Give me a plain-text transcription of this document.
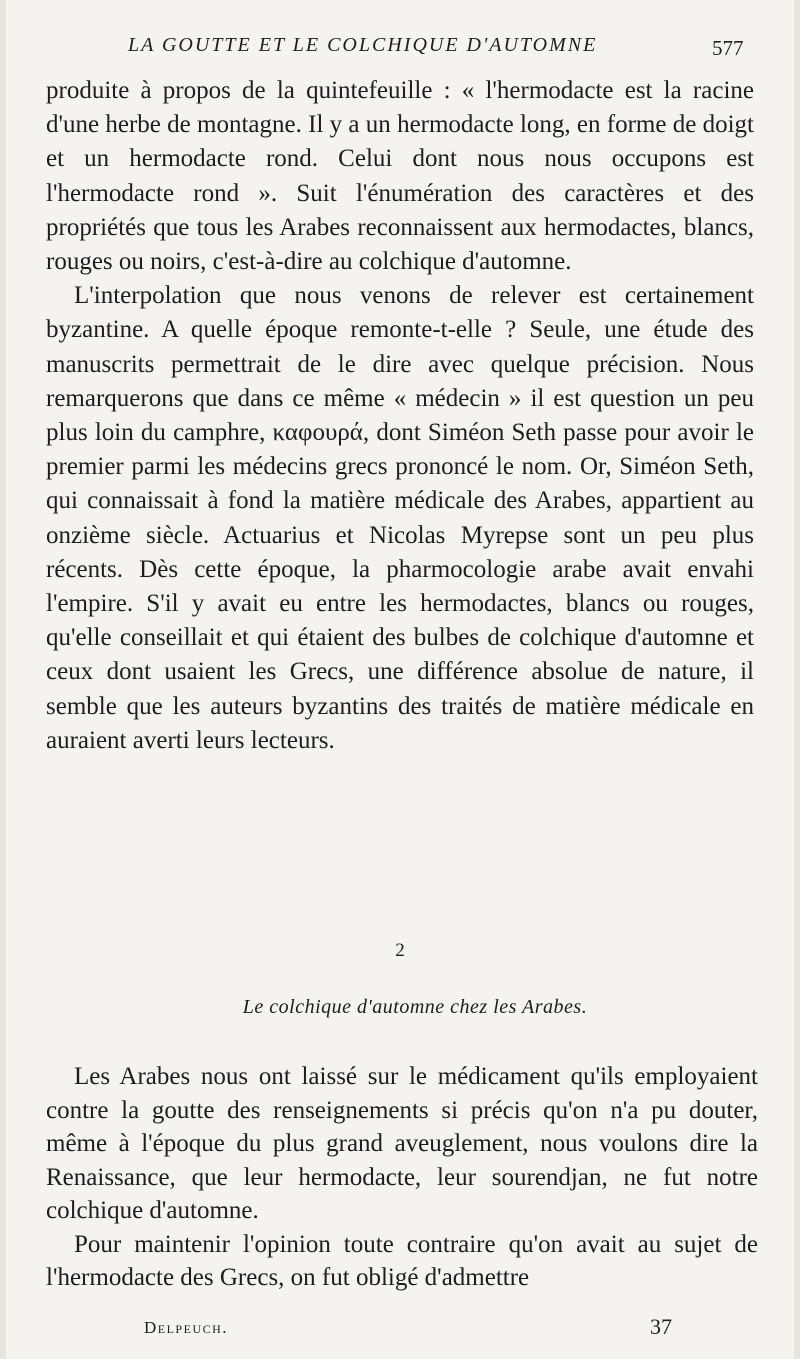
LA GOUTTE ET LE COLCHIQUE D'AUTOMNE	577

produite à propos de la quintefeuille : « l'hermodacte est la racine d'une herbe de montagne. Il y a un hermodacte long, en forme de doigt et un hermodacte rond. Celui dont nous nous occupons est l'hermodacte rond ». Suit l'énumération des caractères et des propriétés que tous les Arabes reconnaissent aux hermodactes, blancs, rouges ou noirs, c'est-à-dire au colchique d'automne.

L'interpolation que nous venons de relever est certainement byzantine. A quelle époque remonte-t-elle ? Seule, une étude des manuscrits permettrait de le dire avec quelque précision. Nous remarquerons que dans ce même « médecin » il est question un peu plus loin du camphre, καφουρά, dont Siméon Seth passe pour avoir le premier parmi les médecins grecs prononcé le nom. Or, Siméon Seth, qui connaissait à fond la matière médicale des Arabes, appartient au onzième siècle. Actuarius et Nicolas Myrepse sont un peu plus récents. Dès cette époque, la pharmocologie arabe avait envahi l'empire. S'il y avait eu entre les hermodactes, blancs ou rouges, qu'elle conseillait et qui étaient des bulbes de colchique d'automne et ceux dont usaient les Grecs, une différence absolue de nature, il semble que les auteurs byzantins des traités de matière médicale en auraient averti leurs lecteurs.

2
Le colchique d'automne chez les Arabes.

Les Arabes nous ont laissé sur le médicament qu'ils employaient contre la goutte des renseignements si précis qu'on n'a pu douter, même à l'époque du plus grand aveuglement, nous voulons dire la Renaissance, que leur hermodacte, leur sourendjan, ne fut notre colchique d'automne.

Pour maintenir l'opinion toute contraire qu'on avait au sujet de l'hermodacte des Grecs, on fut obligé d'admettre

Delpeuch.	37
